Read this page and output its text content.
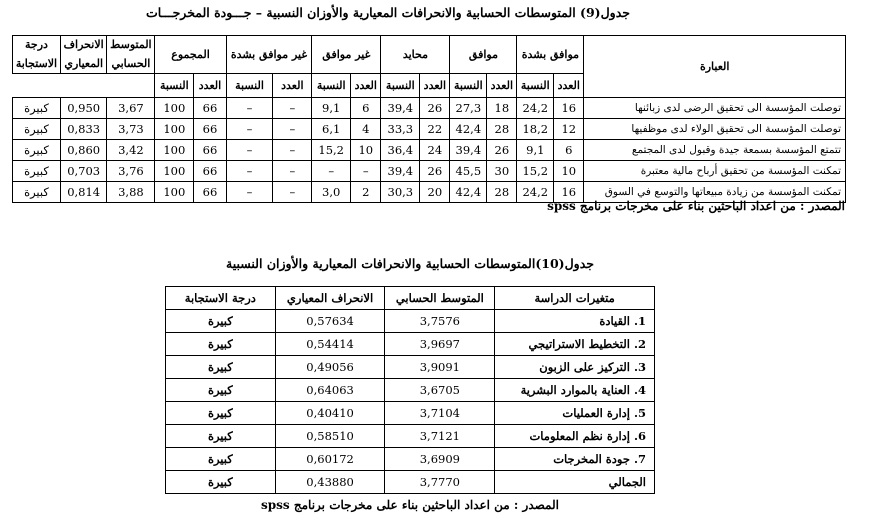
جدول(9) المتوسطات الحسابية والانحرافات المعيارية والأوزان النسبية – جـــودة المخرجـــات
العبارة	موافق بشدة		موافق		محايد		غير موافق		غير موافق بشدة		المجموع		المتوسط الحسابي	الانحراف المعياري	درجة الاستجابة
	العدد	النسبة	العدد	النسبة	العدد	النسبة	العدد	النسبة	العدد	النسبة	العدد	النسبة			
توصلت المؤسسة الى تحقيق الرضى لدى زبائنها	16	24,2	18	27,3	26	39,4	6	9,1	–	–	66	100	3,67	0,950	كبيرة
توصلت المؤسسة الى تحقيق الولاء لدى موظفيها	12	18,2	28	42,4	22	33,3	4	6,1	–	–	66	100	3,73	0,833	كبيرة
تتمتع المؤسسة بسمعة جيدة وقبول لدى المجتمع	6	9,1	26	39,4	24	36,4	10	15,2	–	–	66	100	3,42	0,860	كبيرة
تمكنت المؤسسة من تحقيق أرباح مالية معتبرة	10	15,2	30	45,5	26	39,4	–	–	–	–	66	100	3,76	0,703	كبيرة
تمكنت المؤسسة من زيادة مبيعاتها والتوسع في السوق	16	24,2	28	42,4	20	30,3	2	3,0	–	–	66	100	3,88	0,814	كبيرة
المصدر : من اعداد الباحثين بناء على مخرجات برنامج spss
جدول(10)المتوسطات الحسابية والانحرافات المعيارية والأوزان النسبية
متغيرات الدراسة	المتوسط الحسابي	الانحراف المعياري	درجة الاستجابة
1. القيادة	3,7576	0,57634	كبيرة
2. التخطيط الاستراتيجي	3,9697	0,54414	كبيرة
3. التركيز على الزبون	3,9091	0,49056	كبيرة
4. العناية بالموارد البشرية	3,6705	0,64063	كبيرة
5. إدارة العمليات	3,7104	0,40410	كبيرة
6. إدارة نظم المعلومات	3,7121	0,58510	كبيرة
7. جودة المخرجات	3,6909	0,60172	كبيرة
الجمالي	3,7770	0,43880	كبيرة
المصدر : من اعداد الباحثين بناء على مخرجات برنامج spss
